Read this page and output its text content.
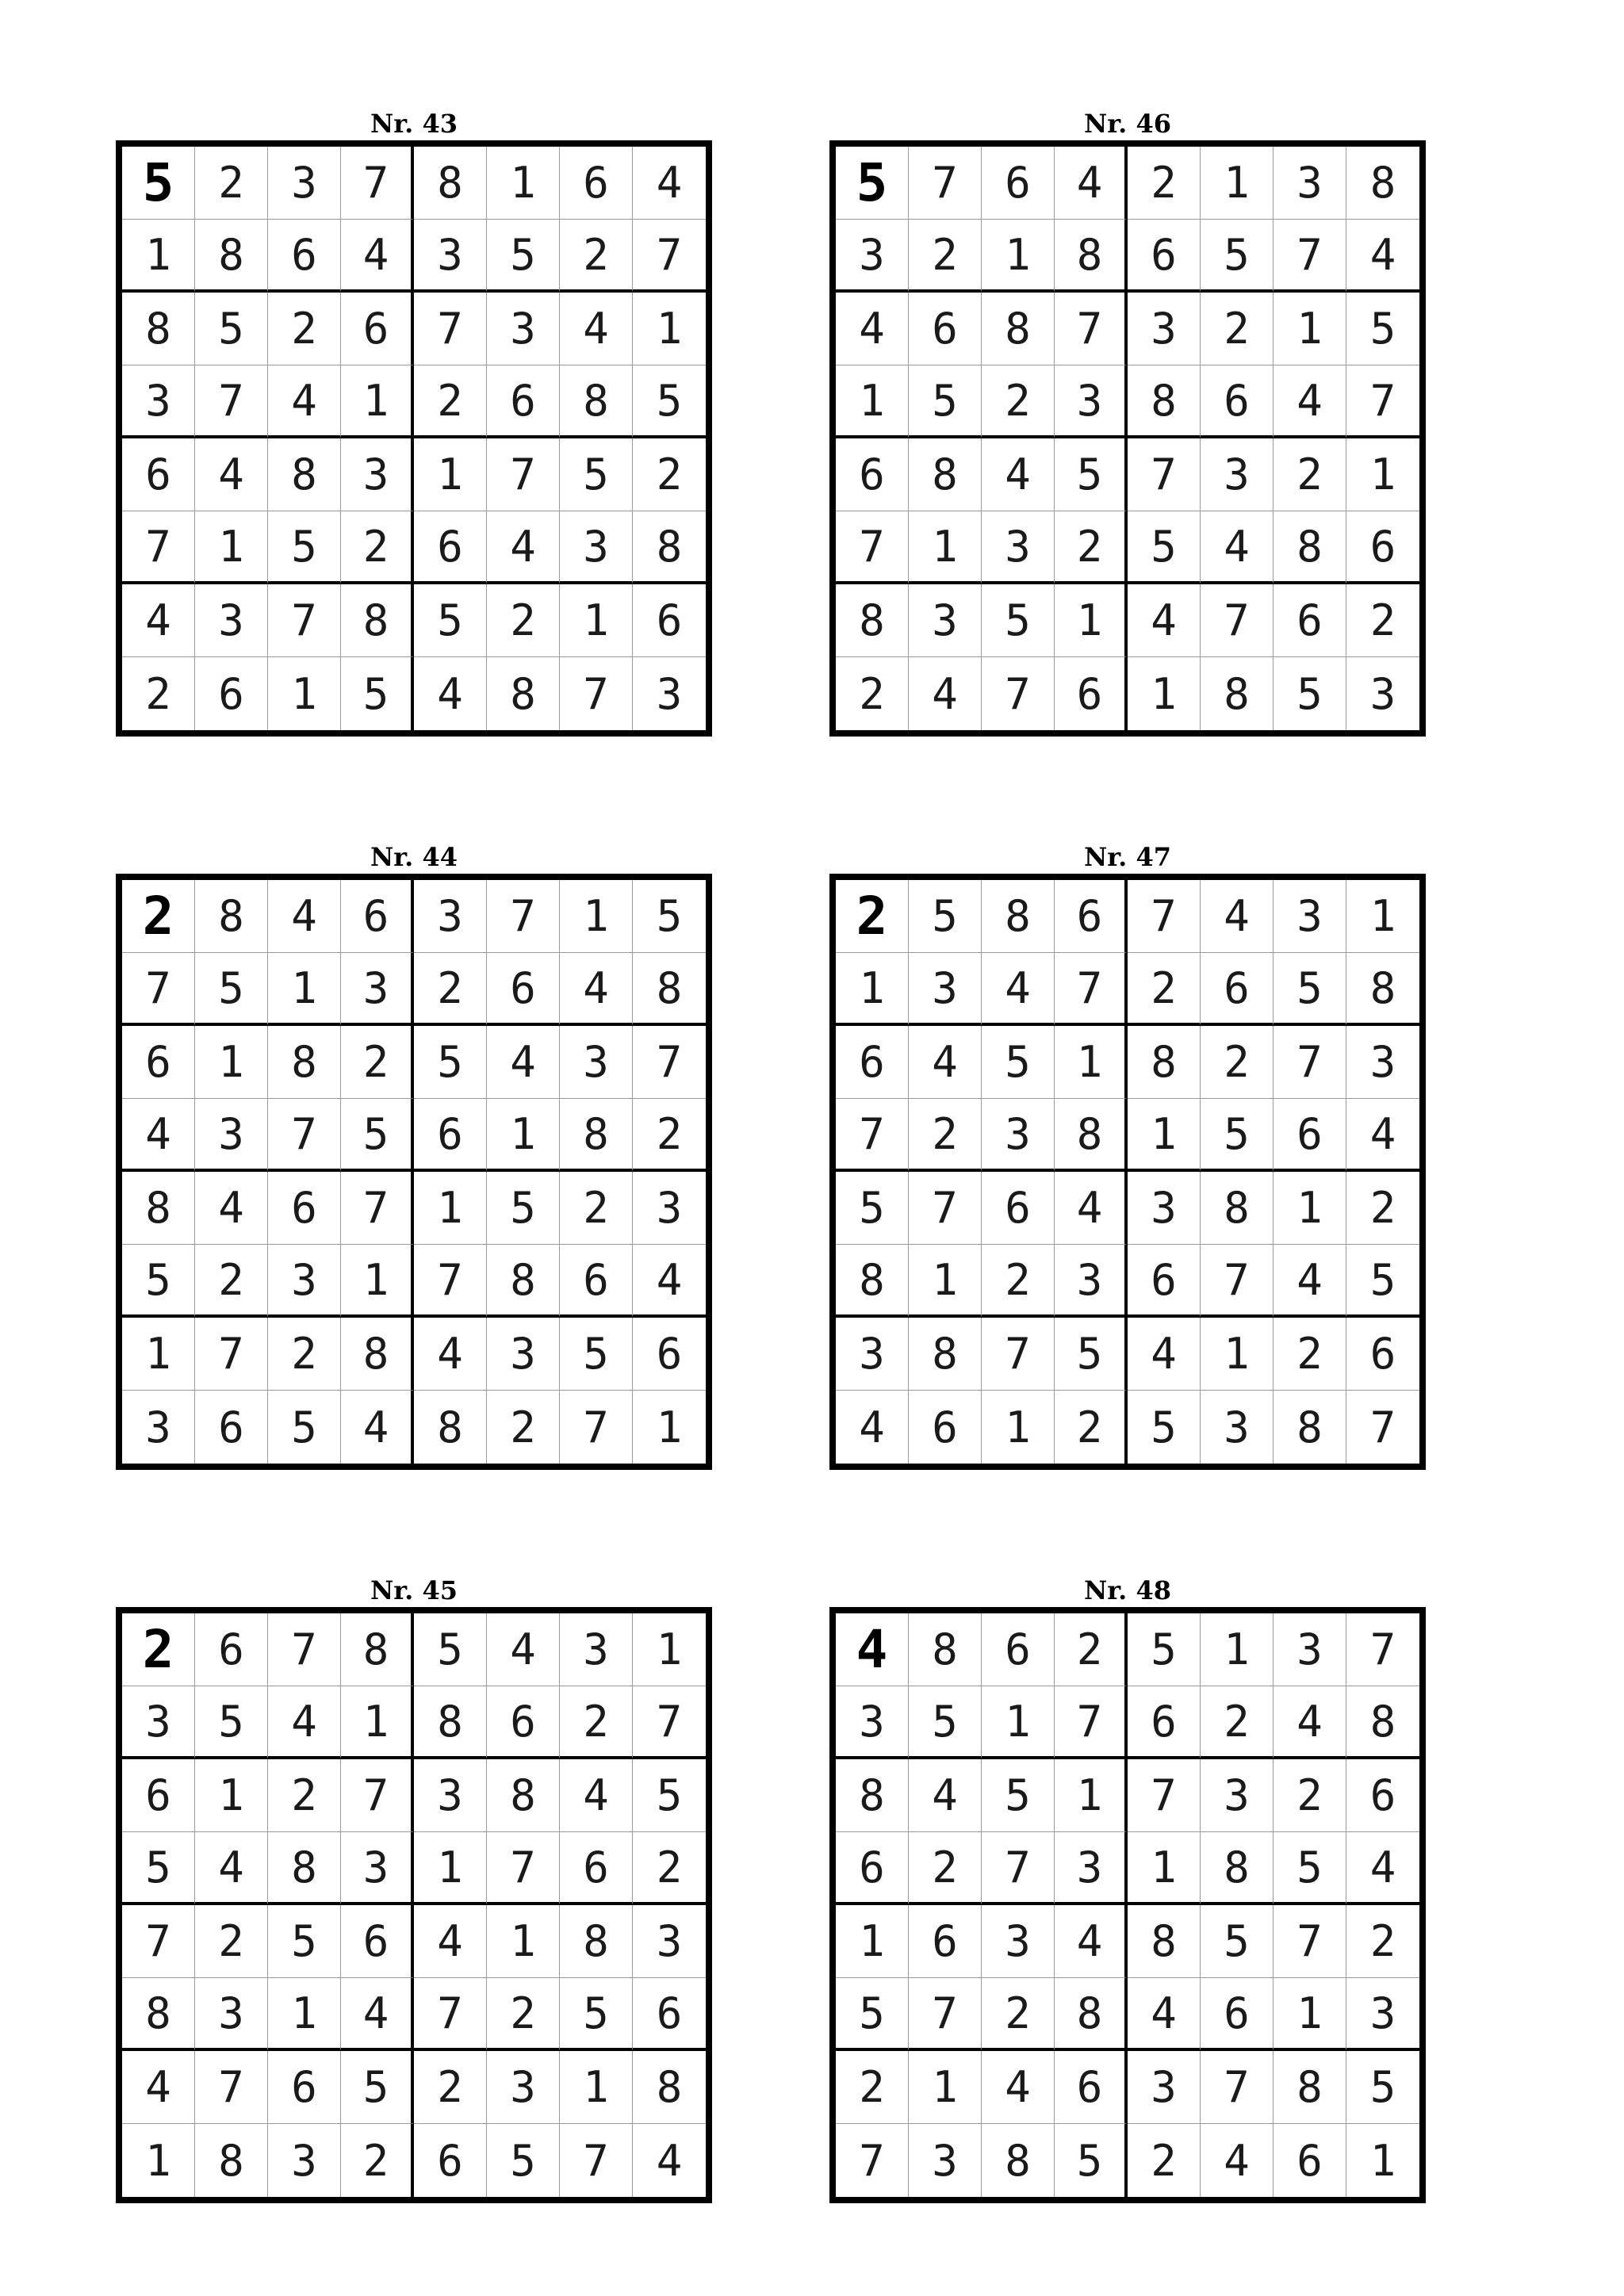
Nr. 43
5	2	3	7	8	1	6	4
1	8	6	4	3	5	2	7
8	5	2	6	7	3	4	1
3	7	4	1	2	6	8	5
6	4	8	3	1	7	5	2
7	1	5	2	6	4	3	8
4	3	7	8	5	2	1	6
2	6	1	5	4	8	7	3
Nr. 46
5	7	6	4	2	1	3	8
3	2	1	8	6	5	7	4
4	6	8	7	3	2	1	5
1	5	2	3	8	6	4	7
6	8	4	5	7	3	2	1
7	1	3	2	5	4	8	6
8	3	5	1	4	7	6	2
2	4	7	6	1	8	5	3
Nr. 44
2	8	4	6	3	7	1	5
7	5	1	3	2	6	4	8
6	1	8	2	5	4	3	7
4	3	7	5	6	1	8	2
8	4	6	7	1	5	2	3
5	2	3	1	7	8	6	4
1	7	2	8	4	3	5	6
3	6	5	4	8	2	7	1
Nr. 47
2	5	8	6	7	4	3	1
1	3	4	7	2	6	5	8
6	4	5	1	8	2	7	3
7	2	3	8	1	5	6	4
5	7	6	4	3	8	1	2
8	1	2	3	6	7	4	5
3	8	7	5	4	1	2	6
4	6	1	2	5	3	8	7
Nr. 45
2	6	7	8	5	4	3	1
3	5	4	1	8	6	2	7
6	1	2	7	3	8	4	5
5	4	8	3	1	7	6	2
7	2	5	6	4	1	8	3
8	3	1	4	7	2	5	6
4	7	6	5	2	3	1	8
1	8	3	2	6	5	7	4
Nr. 48
4	8	6	2	5	1	3	7
3	5	1	7	6	2	4	8
8	4	5	1	7	3	2	6
6	2	7	3	1	8	5	4
1	6	3	4	8	5	7	2
5	7	2	8	4	6	1	3
2	1	4	6	3	7	8	5
7	3	8	5	2	4	6	1
